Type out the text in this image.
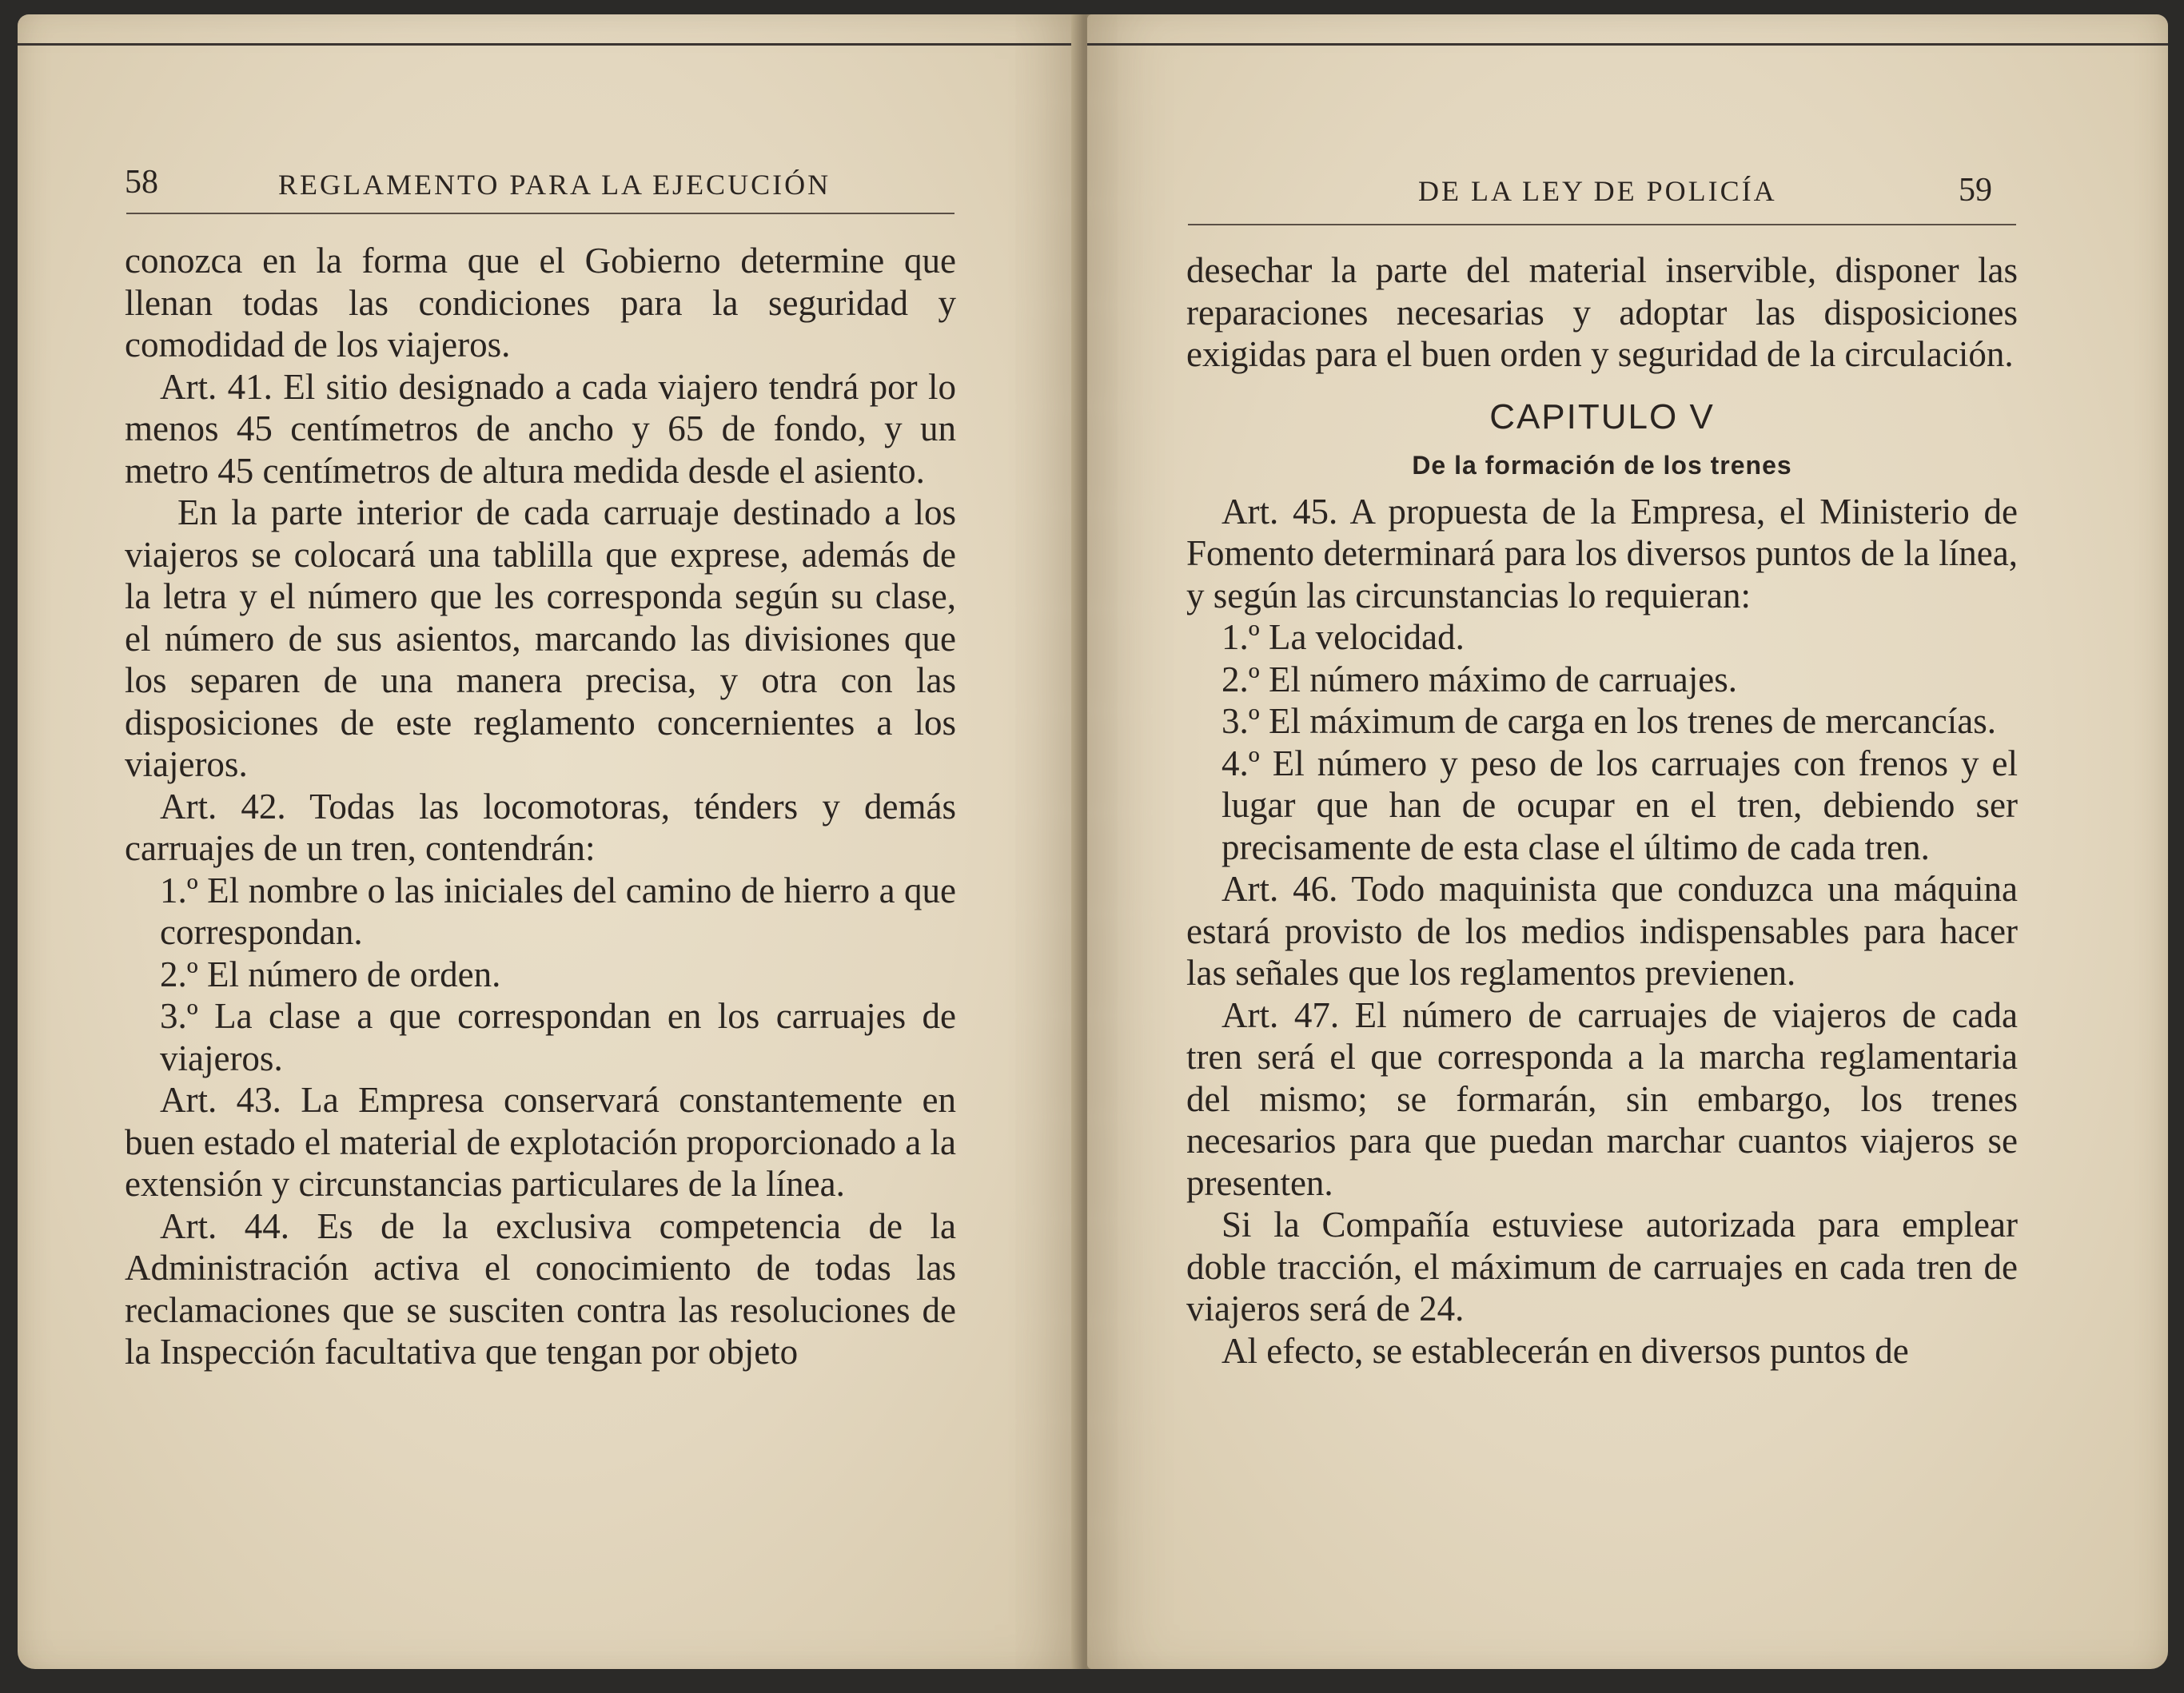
58	REGLAMENTO PARA LA EJECUCIÓN

conozca en la forma que el Gobierno determine que llenan todas las condiciones para la seguridad y comodidad de los viajeros.

Art. 41. El sitio designado a cada viajero tendrá por lo menos 45 centímetros de ancho y 65 de fondo, y un metro 45 centímetros de altura medida desde el asiento.

En la parte interior de cada carruaje destinado a los viajeros se colocará una tablilla que exprese, además de la letra y el número que les corresponda según su clase, el número de sus asientos, marcando las divisiones que los separen de una manera precisa, y otra con las disposiciones de este reglamento concernientes a los viajeros.

Art. 42. Todas las locomotoras, ténders y demás carruajes de un tren, contendrán:

1.º El nombre o las iniciales del camino de hierro a que correspondan.

2.º El número de orden.

3.º La clase a que correspondan en los carruajes de viajeros.

Art. 43. La Empresa conservará constantemente en buen estado el material de explotación proporcionado a la extensión y circunstancias particulares de la línea.

Art. 44. Es de la exclusiva competencia de la Administración activa el conocimiento de todas las reclamaciones que se susciten contra las resoluciones de la Inspección facultativa que tengan por objeto

DE LA LEY DE POLICÍA	59

desechar la parte del material inservible, disponer las reparaciones necesarias y adoptar las disposiciones exigidas para el buen orden y seguridad de la circulación.

CAPITULO V
De la formación de los trenes

Art. 45. A propuesta de la Empresa, el Ministerio de Fomento determinará para los diversos puntos de la línea, y según las circunstancias lo requieran:

1.º La velocidad.

2.º El número máximo de carruajes.

3.º El máximum de carga en los trenes de mercancías.

4.º El número y peso de los carruajes con frenos y el lugar que han de ocupar en el tren, debiendo ser precisamente de esta clase el último de cada tren.

Art. 46. Todo maquinista que conduzca una máquina estará provisto de los medios indispensables para hacer las señales que los reglamentos previenen.

Art. 47. El número de carruajes de viajeros de cada tren será el que corresponda a la marcha reglamentaria del mismo; se formarán, sin embargo, los trenes necesarios para que puedan marchar cuantos viajeros se presenten.

Si la Compañía estuviese autorizada para emplear doble tracción, el máximum de carruajes en cada tren de viajeros será de 24.

Al efecto, se establecerán en diversos puntos de
